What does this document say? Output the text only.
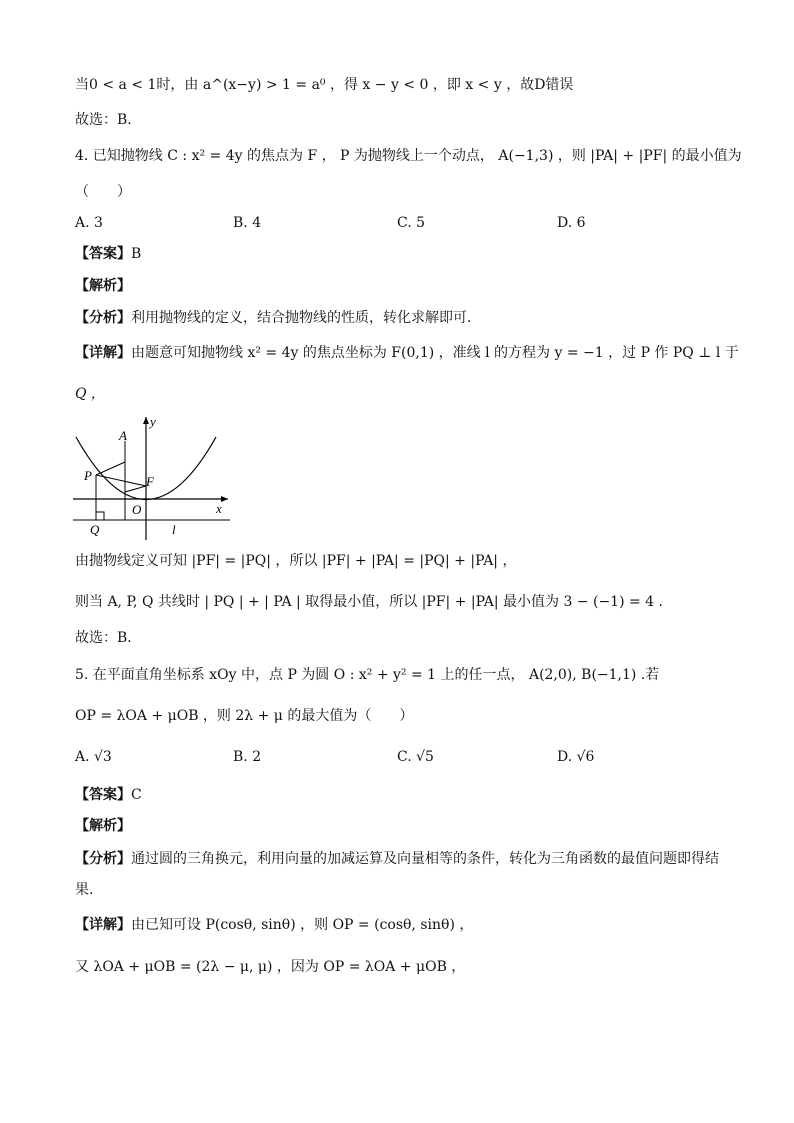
当0 < a < 1时，由 a^(x−y) > 1 = a⁰ ，得 x − y < 0 ，即 x < y ，故D错误
故选：B.
4. 已知抛物线 C : x² = 4y 的焦点为 F ， P 为抛物线上一个动点， A(−1,3) ，则 |PA| + |PF| 的最小值为
（　　）
A. 3	B. 4	C. 5	D. 6
【答案】B
【解析】
【分析】利用抛物线的定义，结合抛物线的性质，转化求解即可．
【详解】由题意可知抛物线 x² = 4y 的焦点坐标为 F(0,1) ，准线 l 的方程为 y = −1 ，过 P 作 PQ ⊥ l 于
Q ，
A
P	F
O
Q
x
y
l
由抛物线定义可知 |PF| = |PQ| ，所以 |PF| + |PA| = |PQ| + |PA| ，
则当 A, P, Q 共线时 | PQ | + | PA | 取得最小值，所以 |PF| + |PA| 最小值为 3 − (−1) = 4 .
故选：B．
5. 在平面直角坐标系 xOy 中，点 P 为圆 O : x² + y² = 1 上的任一点， A(2,0), B(−1,1) .若
OP = λOA + μOB ，则 2λ + μ 的最大值为（　　）
A. √3	B. 2	C. √5	D. √6
【答案】C
【解析】
【分析】通过圆的三角换元，利用向量的加减运算及向量相等的条件，转化为三角函数的最值问题即得结
果.
【详解】由已知可设 P(cosθ, sinθ) ，则 OP = (cosθ, sinθ) ，
又 λOA + μOB = (2λ − μ, μ) ，因为 OP = λOA + μOB ，
